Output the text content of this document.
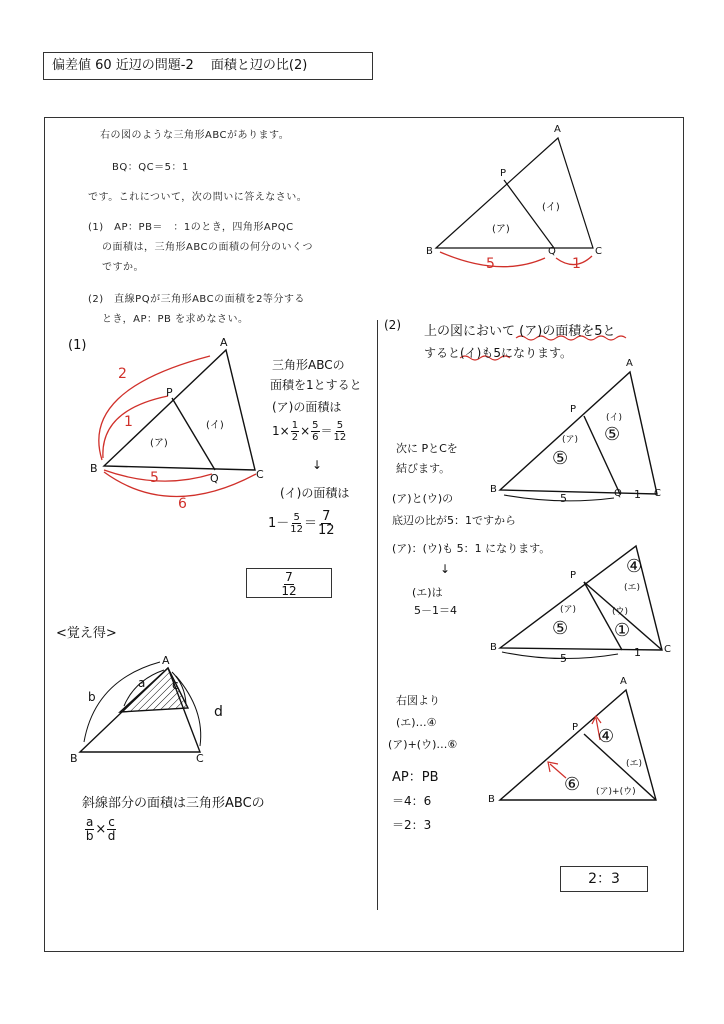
偏差値 60 近辺の問題-2　 面積と辺の比(2)
右の図のような三角形ABCがあります。
BQ：QC＝5：1
です。これについて，次の問いに答えなさい。
(1)　AP：PB＝　：1のとき，四角形APQC
の面積は，三角形ABCの面積の何分のいくつ
ですか。
(2)　直線PQが三角形ABCの面積を2等分する
とき，AP：PB を求めなさい。
A
P
B	Q	C
(ア)
(イ)
5	1
(1)	A
P
B
Q	C
(ア)
(イ)
2
1
5
6
三角形ABCの
面積を1とすると
(ア)の面積は
$1\times \frac{1}{2} \times \frac{5}{6} = \frac{5}{12}$
↓
(イ)の面積は
$1- \frac{5}{12} = \frac{7}{12}$
$\frac{7}{12}$
<覚え得>
A
B	C
a
b
c
d
斜線部分の面積は三角形ABCの
$\frac{a}{b} \times \frac{c}{d}$
(2) 上の図において (ア)の面積を5と
すると(イ)も5になります。
A
P
B	Q	C
(ア)
(イ)
⑤
⑤
5	1
次に PとCを
結びます。
(ア)と(ウ)の
底辺の比が5：1ですから
(ア)：(ウ)も 5：1 になります。
↓
(エ)は
5－1＝4
P
B	C
⑤	①
④
(ア)	(ウ)
(エ)
5	1
右図より
(エ)…④
(ア)+(ウ)…⑥
AP：PB
＝4：6
＝2：3
A
P
B
④
⑥ (ア)+(ウ)
(エ)
2：3
